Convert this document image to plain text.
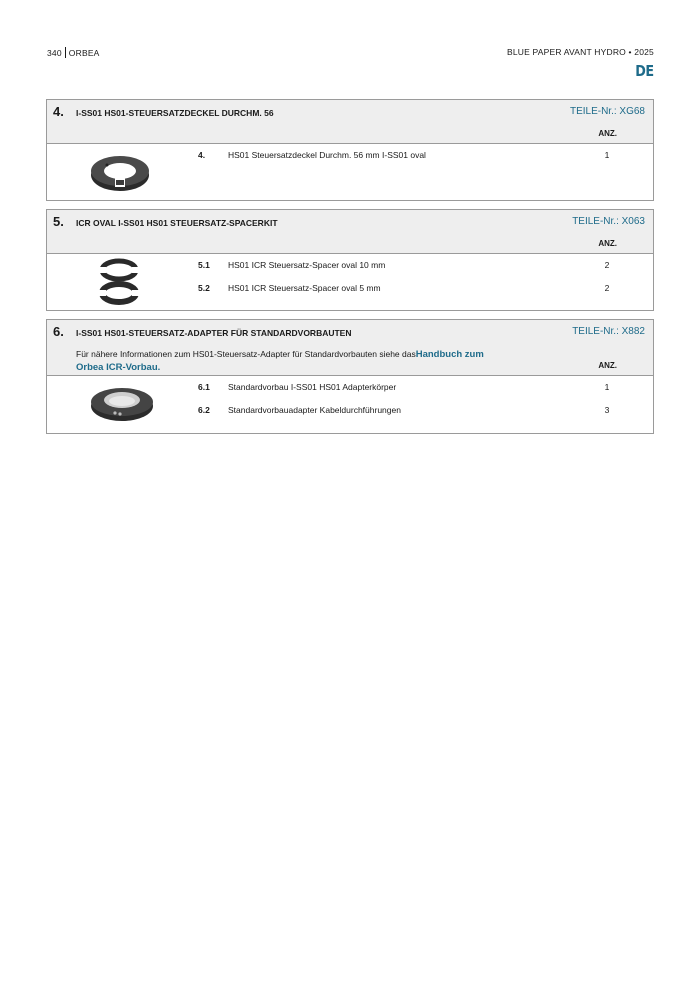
340 ORBEA	BLUE PAPER AVANT HYDRO • 2025
DE
4. I-SS01 HS01-STEUERSATZDECKEL DURCHM. 56	TEILE-Nr.: XG68
ANZ.
4.	HS01 Steuersatzdeckel Durchm. 56 mm I-SS01 oval	1
5. ICR OVAL I-SS01 HS01 STEUERSATZ-SPACERKIT	TEILE-Nr.: X063
ANZ.
5.1 HS01 ICR Steuersatz-Spacer oval 10 mm	2
5.2 HS01 ICR Steuersatz-Spacer oval 5 mm	2
6. I-SS01 HS01-STEUERSATZ-ADAPTER FÜR STANDARDVORBAUTEN	TEILE-Nr.: X882
Für nähere Informationen zum HS01-Steuersatz-Adapter für Standardvorbauten siehe dasHandbuch zum
Orbea ICR-Vorbau.	ANZ.
6.1 Standardvorbau I-SS01 HS01 Adapterkörper	1
6.2 Standardvorbauadapter Kabeldurchführungen	3
